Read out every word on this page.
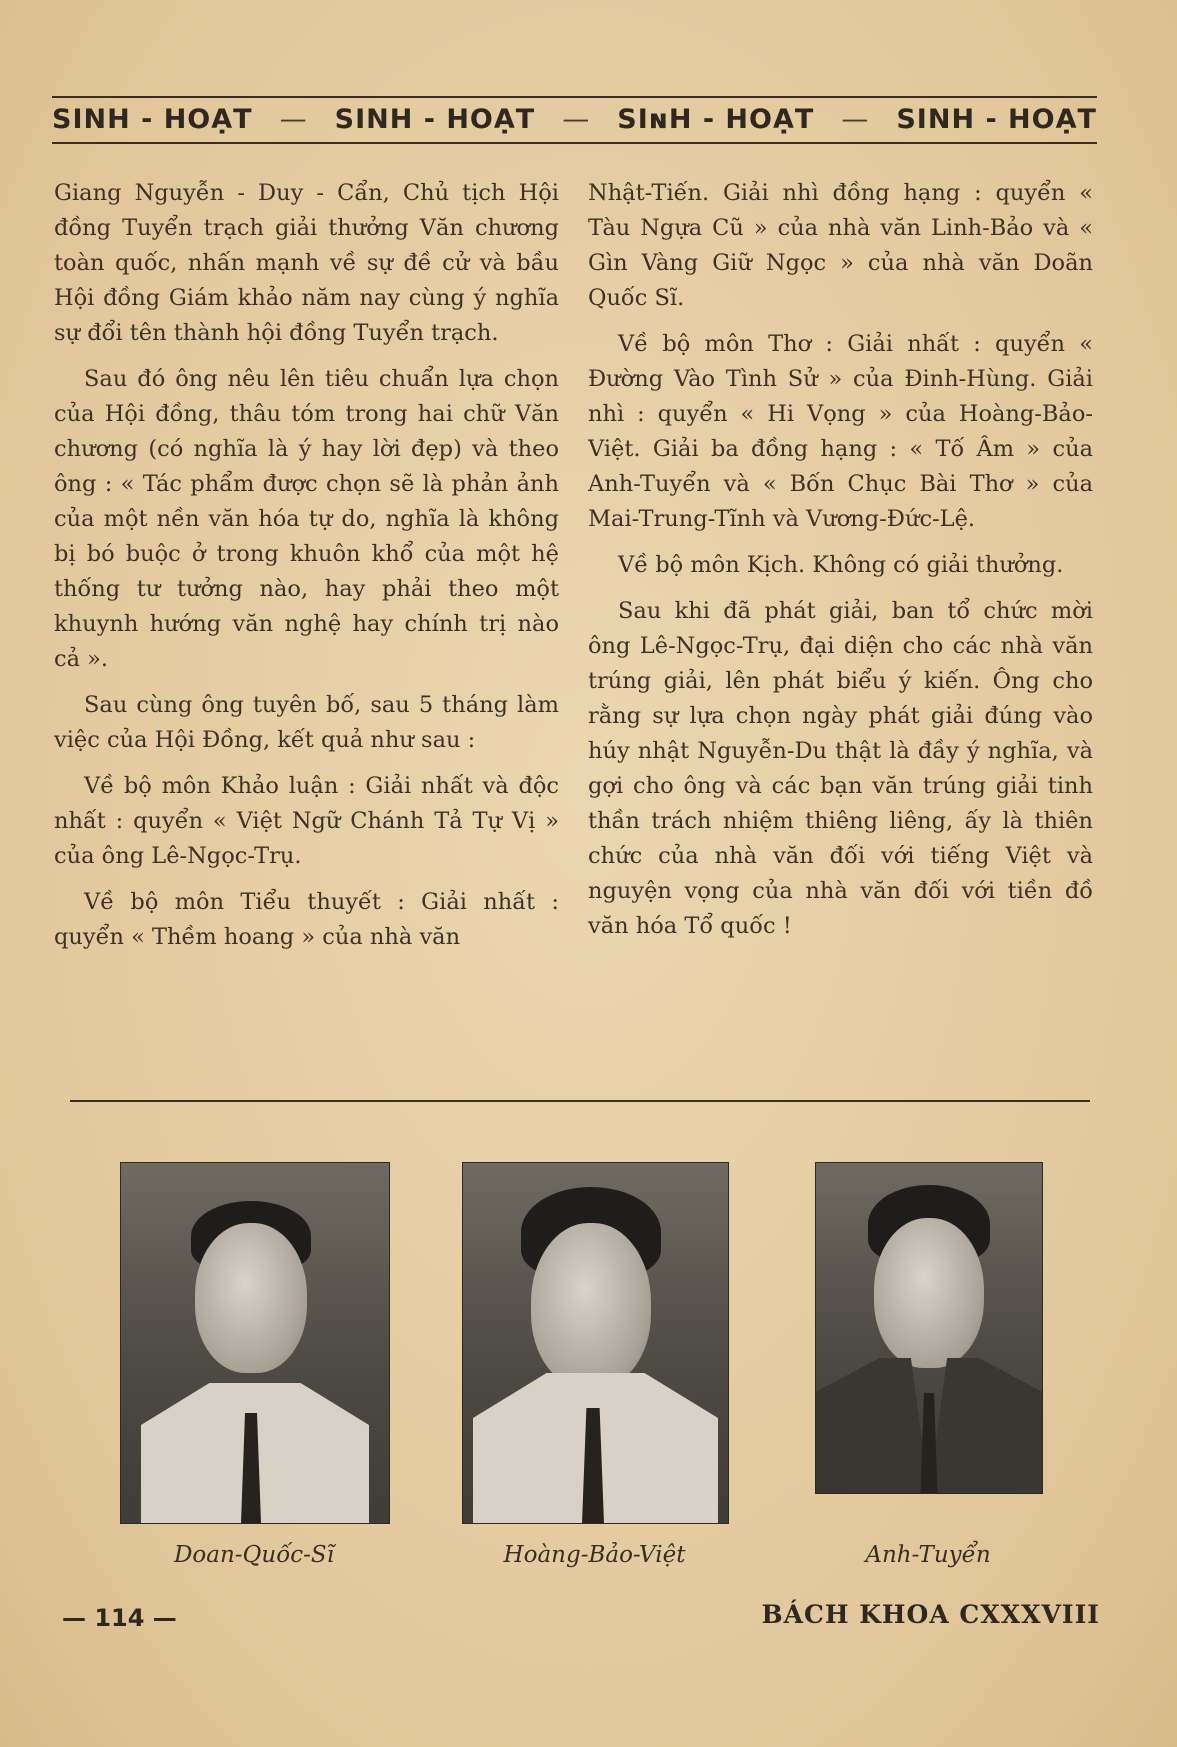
SINH - HOẠT — SINH - HOẠT — SIɴH - HOẠT — SINH - HOẠT

Giang Nguyễn - Duy - Cẩn, Chủ tịch Hội đồng Tuyển trạch giải thưởng Văn chương toàn quốc, nhấn mạnh về sự đề cử và bầu Hội đồng Giám khảo năm nay cùng ý nghĩa sự đổi tên thành hội đồng Tuyển trạch.

Sau đó ông nêu lên tiêu chuẩn lựa chọn của Hội đồng, thâu tóm trong hai chữ Văn chương (có nghĩa là ý hay lời đẹp) và theo ông : « Tác phẩm được chọn sẽ là phản ảnh của một nền văn hóa tự do, nghĩa là không bị bó buộc ở trong khuôn khổ của một hệ thống tư tưởng nào, hay phải theo một khuynh hướng văn nghệ hay chính trị nào cả ».

Sau cùng ông tuyên bố, sau 5 tháng làm việc của Hội Đồng, kết quả như sau :

Về bộ môn Khảo luận : Giải nhất và độc nhất : quyển « Việt Ngữ Chánh Tả Tự Vị » của ông Lê-Ngọc-Trụ.

Về bộ môn Tiểu thuyết : Giải nhất : quyển « Thềm hoang » của nhà văn

Nhật-Tiến. Giải nhì đồng hạng : quyển « Tàu Ngựa Cũ » của nhà văn Linh-Bảo và « Gìn Vàng Giữ Ngọc » của nhà văn Doãn Quốc Sĩ.

Về bộ môn Thơ : Giải nhất : quyển « Đường Vào Tình Sử » của Đinh-Hùng. Giải nhì : quyển « Hi Vọng » của Hoàng-Bảo-Việt. Giải ba đồng hạng : « Tố Âm » của Anh-Tuyển và « Bốn Chục Bài Thơ » của Mai-Trung-Tĩnh và Vương-Đức-Lệ.

Về bộ môn Kịch. Không có giải thưởng.

Sau khi đã phát giải, ban tổ chức mời ông Lê-Ngọc-Trụ, đại diện cho các nhà văn trúng giải, lên phát biểu ý kiến. Ông cho rằng sự lựa chọn ngày phát giải đúng vào húy nhật Nguyễn-Du thật là đầy ý nghĩa, và gợi cho ông và các bạn văn trúng giải tinh thần trách nhiệm thiêng liêng, ấy là thiên chức của nhà văn đối với tiếng Việt và nguyện vọng của nhà văn đối với tiền đồ văn hóa Tổ quốc !

Doan-Quốc-Sĩ	Hoàng-Bảo-Việt	Anh-Tuyển
— 114 —	BÁCH KHOA CXXXVIII
